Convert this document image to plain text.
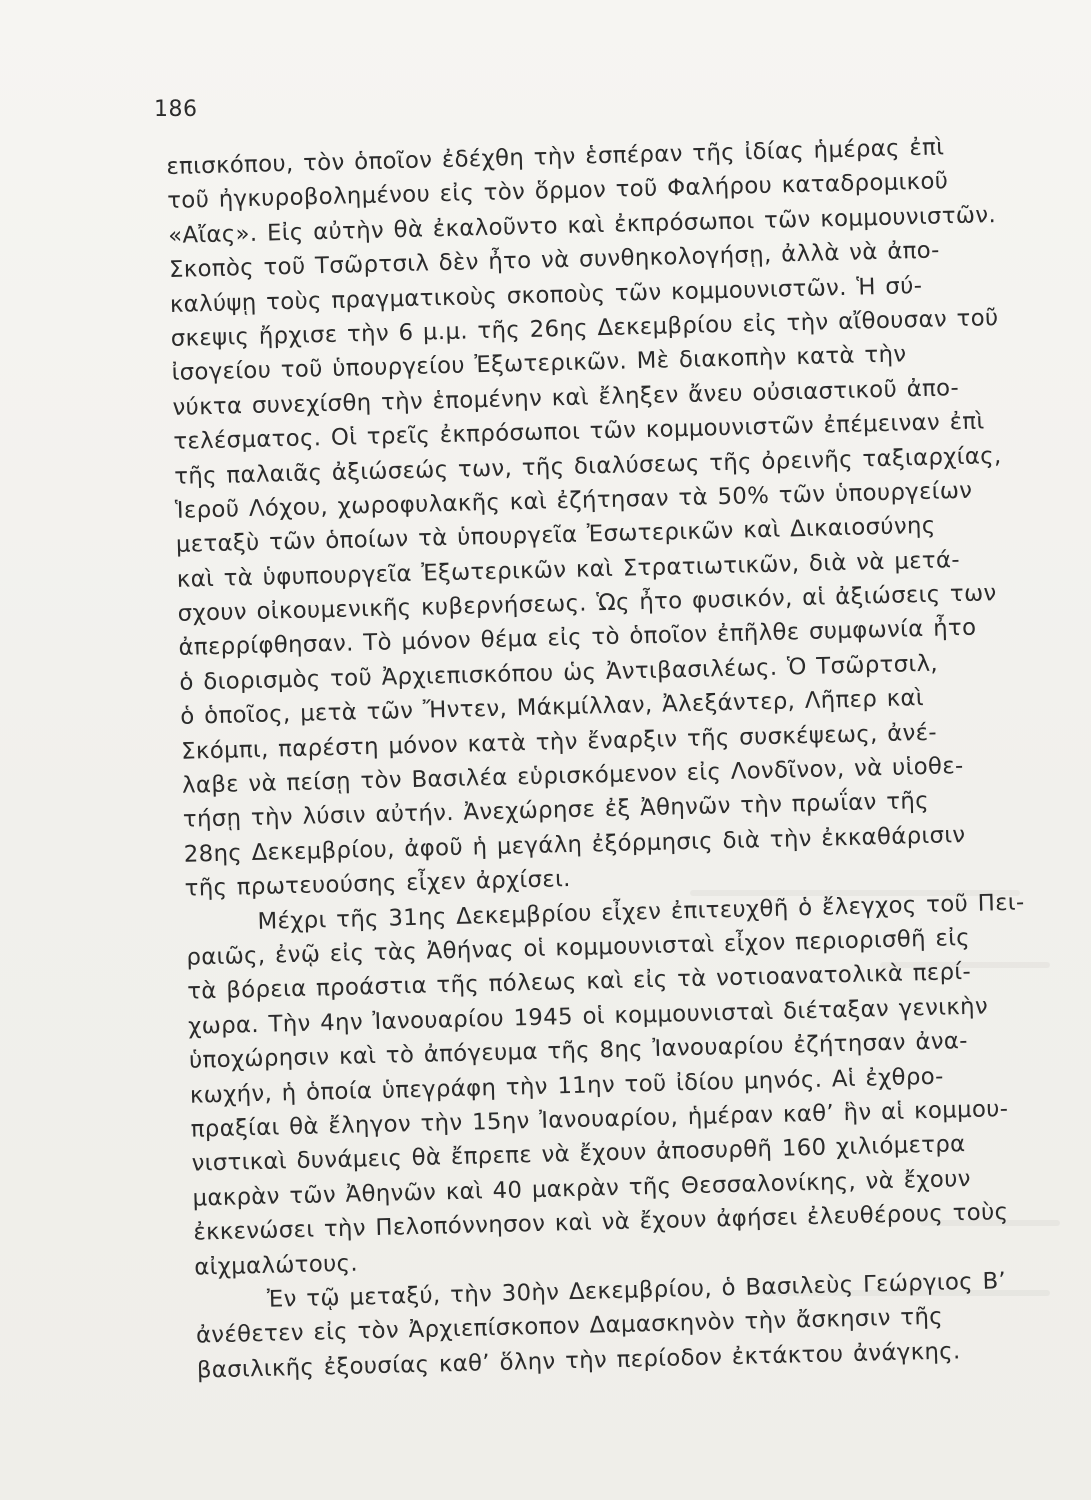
186
επισκόπου, τὸν ὁποῖον ἐδέχθη τὴν ἑσπέραν τῆς ἰδίας ἡμέρας ἐπὶ
τοῦ ἠγκυροβολημένου εἰς τὸν ὅρμον τοῦ Φαλήρου καταδρομικοῦ
«Αἴας». Εἰς αὐτὴν θὰ ἐκαλοῦντο καὶ ἐκπρόσωποι τῶν κομμουνιστῶν.
Σκοπὸς τοῦ Τσῶρτσιλ δὲν ἦτο νὰ συνθηκολογήσῃ, ἀλλὰ νὰ ἀπο-
καλύψῃ τοὺς πραγματικοὺς σκοποὺς τῶν κομμουνιστῶν. Ἡ σύ-
σκεψις ἤρχισε τὴν 6 μ.μ. τῆς 26ης Δεκεμβρίου εἰς τὴν αἴθουσαν τοῦ
ἰσογείου τοῦ ὑπουργείου Ἐξωτερικῶν. Μὲ διακοπὴν κατὰ τὴν
νύκτα συνεχίσθη τὴν ἑπομένην καὶ ἔληξεν ἄνευ οὐσιαστικοῦ ἀπο-
τελέσματος. Οἱ τρεῖς ἐκπρόσωποι τῶν κομμουνιστῶν ἐπέμειναν ἐπὶ
τῆς παλαιᾶς ἀξιώσεώς των, τῆς διαλύσεως τῆς ὀρεινῆς ταξιαρχίας,
Ἱεροῦ Λόχου, χωροφυλακῆς καὶ ἐζήτησαν τὰ 50% τῶν ὑπουργείων
μεταξὺ τῶν ὁποίων τὰ ὑπουργεῖα Ἐσωτερικῶν καὶ Δικαιοσύνης
καὶ τὰ ὑφυπουργεῖα Ἐξωτερικῶν καὶ Στρατιωτικῶν, διὰ νὰ μετά-
σχουν οἰκουμενικῆς κυβερνήσεως. Ὡς ἦτο φυσικόν, αἱ ἀξιώσεις των
ἀπερρίφθησαν. Τὸ μόνον θέμα εἰς τὸ ὁποῖον ἐπῆλθε συμφωνία ἦτο
ὁ διορισμὸς τοῦ Ἀρχιεπισκόπου ὡς Ἀντιβασιλέως. Ὁ Τσῶρτσιλ,
ὁ ὁποῖος, μετὰ τῶν Ἤντεν, Μάκμίλλαν, Ἀλεξάντερ, Λῆπερ καὶ
Σκόμπι, παρέστη μόνον κατὰ τὴν ἔναρξιν τῆς συσκέψεως, ἀνέ-
λαβε νὰ πείσῃ τὸν Βασιλέα εὑρισκόμενον εἰς Λονδῖνον, νὰ υἱοθε-
τήσῃ τὴν λύσιν αὐτήν. Ἀνεχώρησε ἐξ Ἀθηνῶν τὴν πρωΐαν τῆς
28ης Δεκεμβρίου, ἀφοῦ ἡ μεγάλη ἐξόρμησις διὰ τὴν ἐκκαθάρισιν
τῆς πρωτευούσης εἶχεν ἀρχίσει.
Μέχρι τῆς 31ης Δεκεμβρίου εἶχεν ἐπιτευχθῆ ὁ ἔλεγχος τοῦ Πει-
ραιῶς, ἐνῷ εἰς τὰς Ἀθήνας οἱ κομμουνισταὶ εἶχον περιορισθῆ εἰς
τὰ βόρεια προάστια τῆς πόλεως καὶ εἰς τὰ νοτιοανατολικὰ περί-
χωρα. Τὴν 4ην Ἰανουαρίου 1945 οἱ κομμουνισταὶ διέταξαν γενικὴν
ὑποχώρησιν καὶ τὸ ἀπόγευμα τῆς 8ης Ἰανουαρίου ἐζήτησαν ἀνα-
κωχήν, ἡ ὁποία ὑπεγράφη τὴν 11ην τοῦ ἰδίου μηνός. Αἱ ἐχθρο-
πραξίαι θὰ ἔληγον τὴν 15ην Ἰανουαρίου, ἡμέραν καθ’ ἣν αἱ κομμου-
νιστικαὶ δυνάμεις θὰ ἔπρεπε νὰ ἔχουν ἀποσυρθῆ 160 χιλιόμετρα
μακρὰν τῶν Ἀθηνῶν καὶ 40 μακρὰν τῆς Θεσσαλονίκης, νὰ ἔχουν
ἐκκενώσει τὴν Πελοπόννησον καὶ νὰ ἔχουν ἀφήσει ἐλευθέρους τοὺς
αἰχμαλώτους.
Ἐν τῷ μεταξύ, τὴν 30ὴν Δεκεμβρίου, ὁ Βασιλεὺς Γεώργιος Β’
ἀνέθετεν εἰς τὸν Ἀρχιεπίσκοπον Δαμασκηνὸν τὴν ἄσκησιν τῆς
βασιλικῆς ἐξουσίας καθ’ ὅλην τὴν περίοδον ἐκτάκτου ἀνάγκης.
